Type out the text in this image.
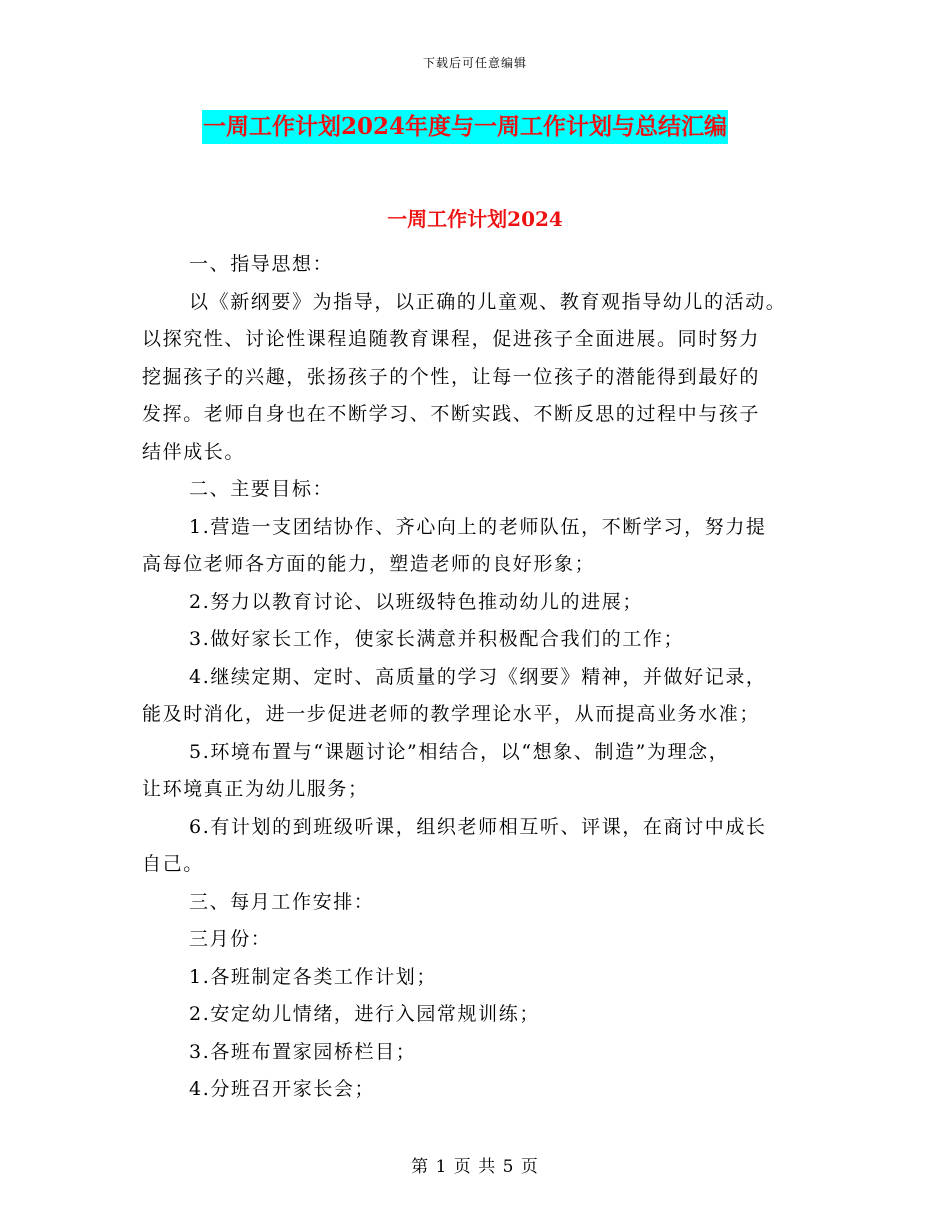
下载后可任意编辑
一周工作计划2024年度与一周工作计划与总结汇编
一周工作计划2024

一、指导思想：

以《新纲要》为指导，以正确的儿童观、教育观指导幼儿的活动。

以探究性、讨论性课程追随教育课程，促进孩子全面进展。同时努力

挖掘孩子的兴趣，张扬孩子的个性，让每一位孩子的潜能得到最好的

发挥。老师自身也在不断学习、不断实践、不断反思的过程中与孩子

结伴成长。

二、主要目标：

1.营造一支团结协作、齐心向上的老师队伍，不断学习，努力提

高每位老师各方面的能力，塑造老师的良好形象；

2.努力以教育讨论、以班级特色推动幼儿的进展；

3.做好家长工作，使家长满意并积极配合我们的工作；

4.继续定期、定时、高质量的学习《纲要》精神，并做好记录，

能及时消化，进一步促进老师的教学理论水平，从而提高业务水准；

5.环境布置与“课题讨论”相结合，以“想象、制造”为理念，

让环境真正为幼儿服务；

6.有计划的到班级听课，组织老师相互听、评课，在商讨中成长

自己。

三、每月工作安排：

三月份：

1.各班制定各类工作计划；

2.安定幼儿情绪，进行入园常规训练；

3.各班布置家园桥栏目；

4.分班召开家长会；

第 1 页 共 5 页
